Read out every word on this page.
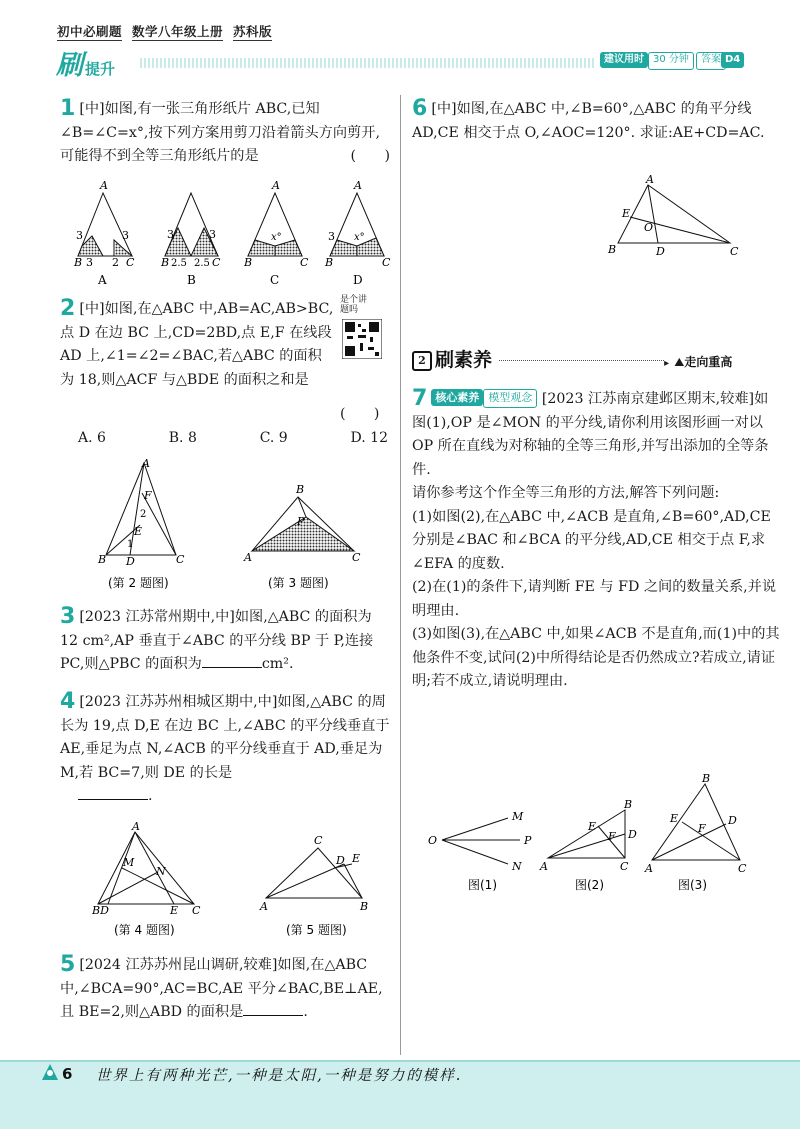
初中必刷题 数学八年级上册 苏科版
刷提升
建议用时 30 分钟	答案 D4
1 [中]如图,有一张三角形纸片 ABC,已知∠B=∠C=x°,按下列方案用剪刀沿着箭头方向剪开,可能得不到全等三角形纸片的是	(　　)
A
3	3
B 3 2 C
A
3	3
B 2.5 2.5 C
B
A
x°
B	C
C
A
3 x°
B	C
D
2 [中]如图,在△ABC 中,AB=AC,AB>BC,点 D 在边 BC 上,CD=2BD,点 E,F 在线段 AD 上,∠1=∠2=∠BAC,若△ABC 的面积为 18,则△ACF 与△BDE 的面积之和是
(　　)
是个讲题吗
A. 6	B. 8	C. 9	D. 12
A
F
2
E
1
B D	C
(第 2 题图)
B
P
A	C
(第 3 题图)
3 [2023 江苏常州期中,中]如图,△ABC 的面积为 12 cm²,AP 垂直于∠ABC 的平分线 BP 于 P,连接 PC,则△PBC 的面积为	cm².
4 [2023 江苏苏州相城区期中,中]如图,△ABC 的周长为 19,点 D,E 在边 BC 上,∠ABC 的平分线垂直于 AE,垂足为点 N,∠ACB 的平分线垂直于 AD,垂足为 M,若 BC=7,则 DE 的长是
.
A
M
N
BD	E C
(第 4 题图)
C
D E
A	B
(第 5 题图)
5 [2024 江苏苏州昆山调研,较难]如图,在△ABC 中,∠BCA=90°,AC=BC,AE 平分∠BAC,BE⊥AE,且 BE=2,则△ABD 的面积是	.
6 [中]如图,在△ABC 中,∠B=60°,△ABC 的角平分线 AD,CE 相交于点 O,∠AOC=120°. 求证:AE+CD=AC.
A
E
O
B	D	C
2 刷素养	▸ ⛰走向重高
7 核心素养 模型观念 [2023 江苏南京建邺区期末,较难]如图(1),OP 是∠MON 的平分线,请你利用该图形画一对以 OP 所在直线为对称轴的全等三角形,并写出添加的全等条件.
请你参考这个作全等三角形的方法,解答下列问题:
(1)如图(2),在△ABC 中,∠ACB 是直角,∠B=60°,AD,CE 分别是∠BAC 和∠BCA 的平分线,AD,CE 相交于点 F,求∠EFA 的度数.
(2)在(1)的条件下,请判断 FE 与 FD 之间的数量关系,并说明理由.
(3)如图(3),在△ABC 中,如果∠ACB 不是直角,而(1)中的其他条件不变,试问(2)中所得结论是否仍然成立?若成立,请证明;若不成立,请说明理由.
M
O	P
N
图(1)
B
E
F D
A	C
图(2)
B
E
F
D
A	C
图(3)
6 世界上有两种光芒,一种是太阳,一种是努力的模样.
